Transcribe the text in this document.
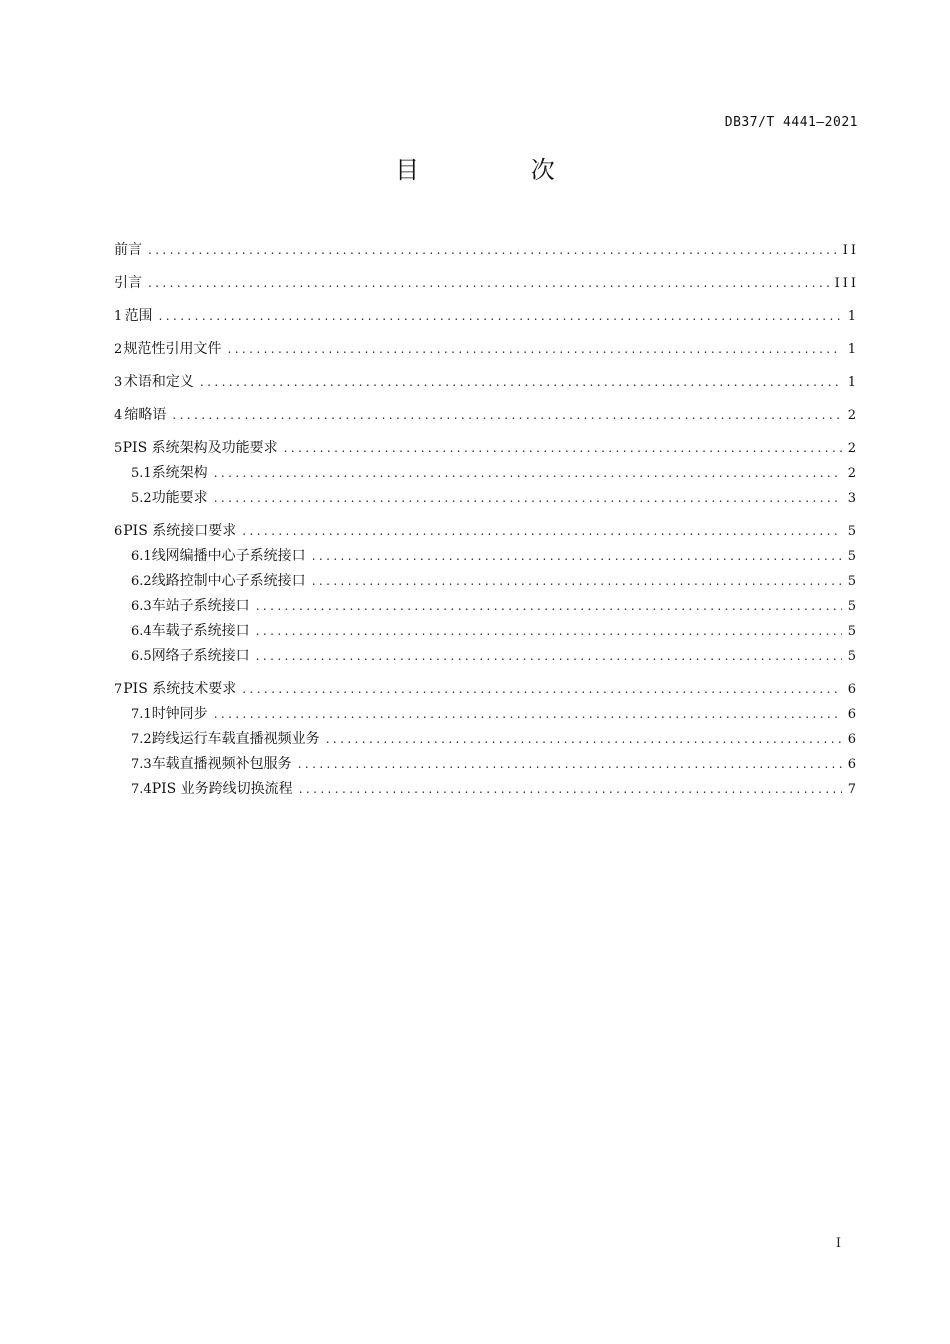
DB37/T 4441—2021
目 次
前言 .....	II
引言 .....	III
1 范围 .....	1
2 规范性引用文件 .....	1
3 术语和定义 .....	1
4 缩略语 .....	2
5 PIS 系统架构及功能要求 .....	2
5.1 系统架构 .....	2
5.2 功能要求 .....	3
6 PIS 系统接口要求 .....	5
6.1 线网编播中心子系统接口 .....	5
6.2 线路控制中心子系统接口 .....	5
6.3 车站子系统接口 .....	5
6.4 车载子系统接口 .....	5
6.5 网络子系统接口 .....	5
7 PIS 系统技术要求 .....	6
7.1 时钟同步 .....	6
7.2 跨线运行车载直播视频业务 .....	6
7.3 车载直播视频补包服务 .....	6
7.4 PIS 业务跨线切换流程 .....	7
I
